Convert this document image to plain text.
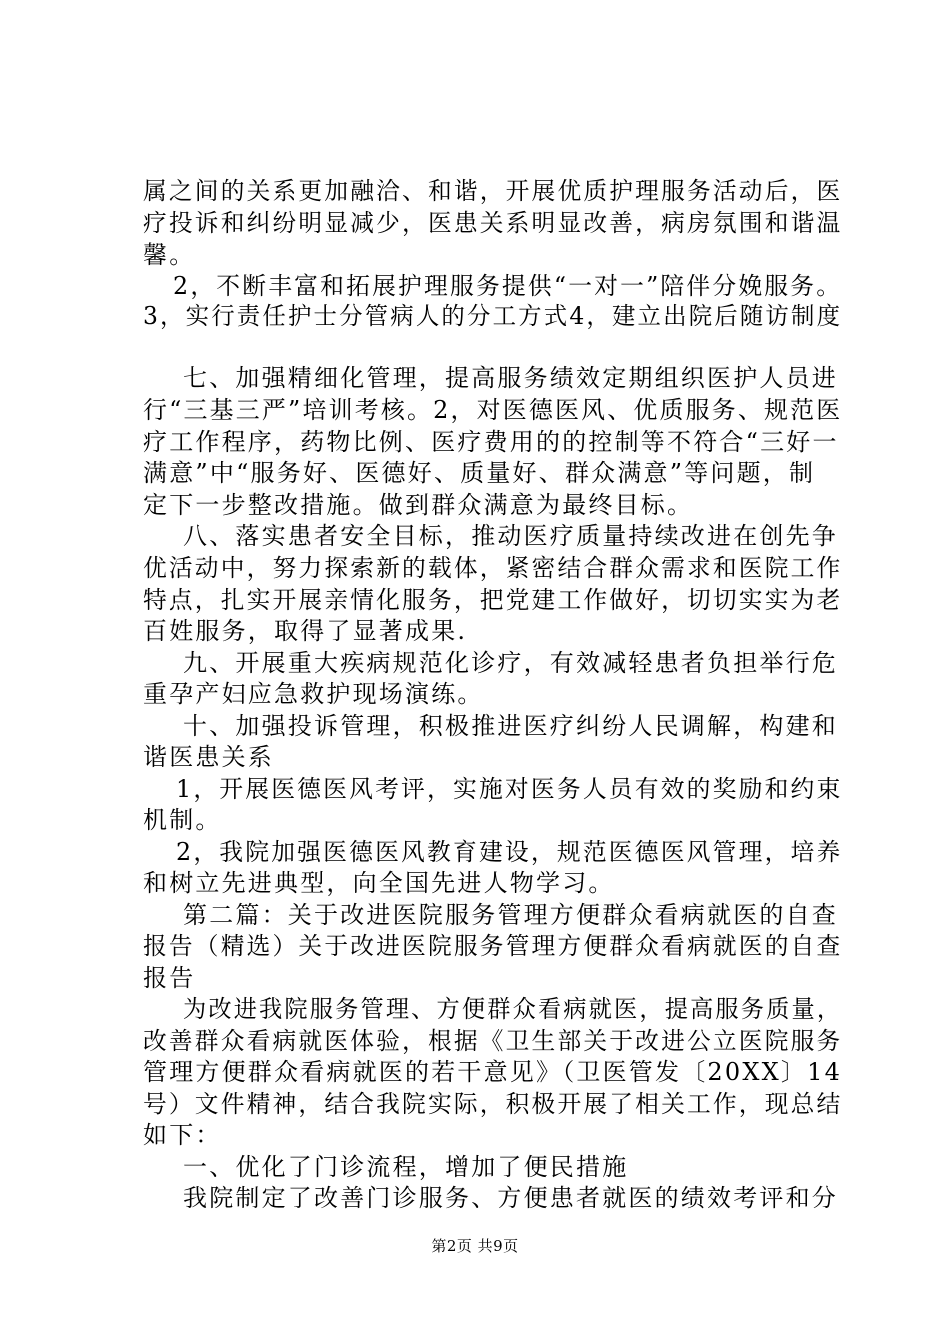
属之间的关系更加融洽、和谐，开展优质护理服务活动后，医
疗投诉和纠纷明显减少，医患关系明显改善，病房氛围和谐温
馨。
2，不断丰富和拓展护理服务提供“一对一”陪伴分娩服务。
3，实行责任护士分管病人的分工方式4，建立出院后随访制度
七、加强精细化管理，提高服务绩效定期组织医护人员进
行“三基三严”培训考核。2，对医德医风、优质服务、规范医
疗工作程序，药物比例、医疗费用的的控制等不符合“三好一
满意”中“服务好、医德好、质量好、群众满意”等问题，制
定下一步整改措施。做到群众满意为最终目标。
八、落实患者安全目标，推动医疗质量持续改进在创先争
优活动中，努力探索新的载体，紧密结合群众需求和医院工作
特点，扎实开展亲情化服务，把党建工作做好，切切实实为老
百姓服务，取得了显著成果.
九、开展重大疾病规范化诊疗，有效减轻患者负担举行危
重孕产妇应急救护现场演练。
十、加强投诉管理，积极推进医疗纠纷人民调解，构建和
谐医患关系
1，开展医德医风考评，实施对医务人员有效的奖励和约束
机制。
2，我院加强医德医风教育建设，规范医德医风管理，培养
和树立先进典型，向全国先进人物学习。
第二篇：关于改进医院服务管理方便群众看病就医的自查
报告（精选）关于改进医院服务管理方便群众看病就医的自查
报告
为改进我院服务管理、方便群众看病就医，提高服务质量，
改善群众看病就医体验，根据《卫生部关于改进公立医院服务
管理方便群众看病就医的若干意见》（卫医管发〔20XX〕14
号）文件精神，结合我院实际，积极开展了相关工作，现总结
如下：
一、优化了门诊流程，增加了便民措施
我院制定了改善门诊服务、方便患者就医的绩效考评和分
第2页 共9页
